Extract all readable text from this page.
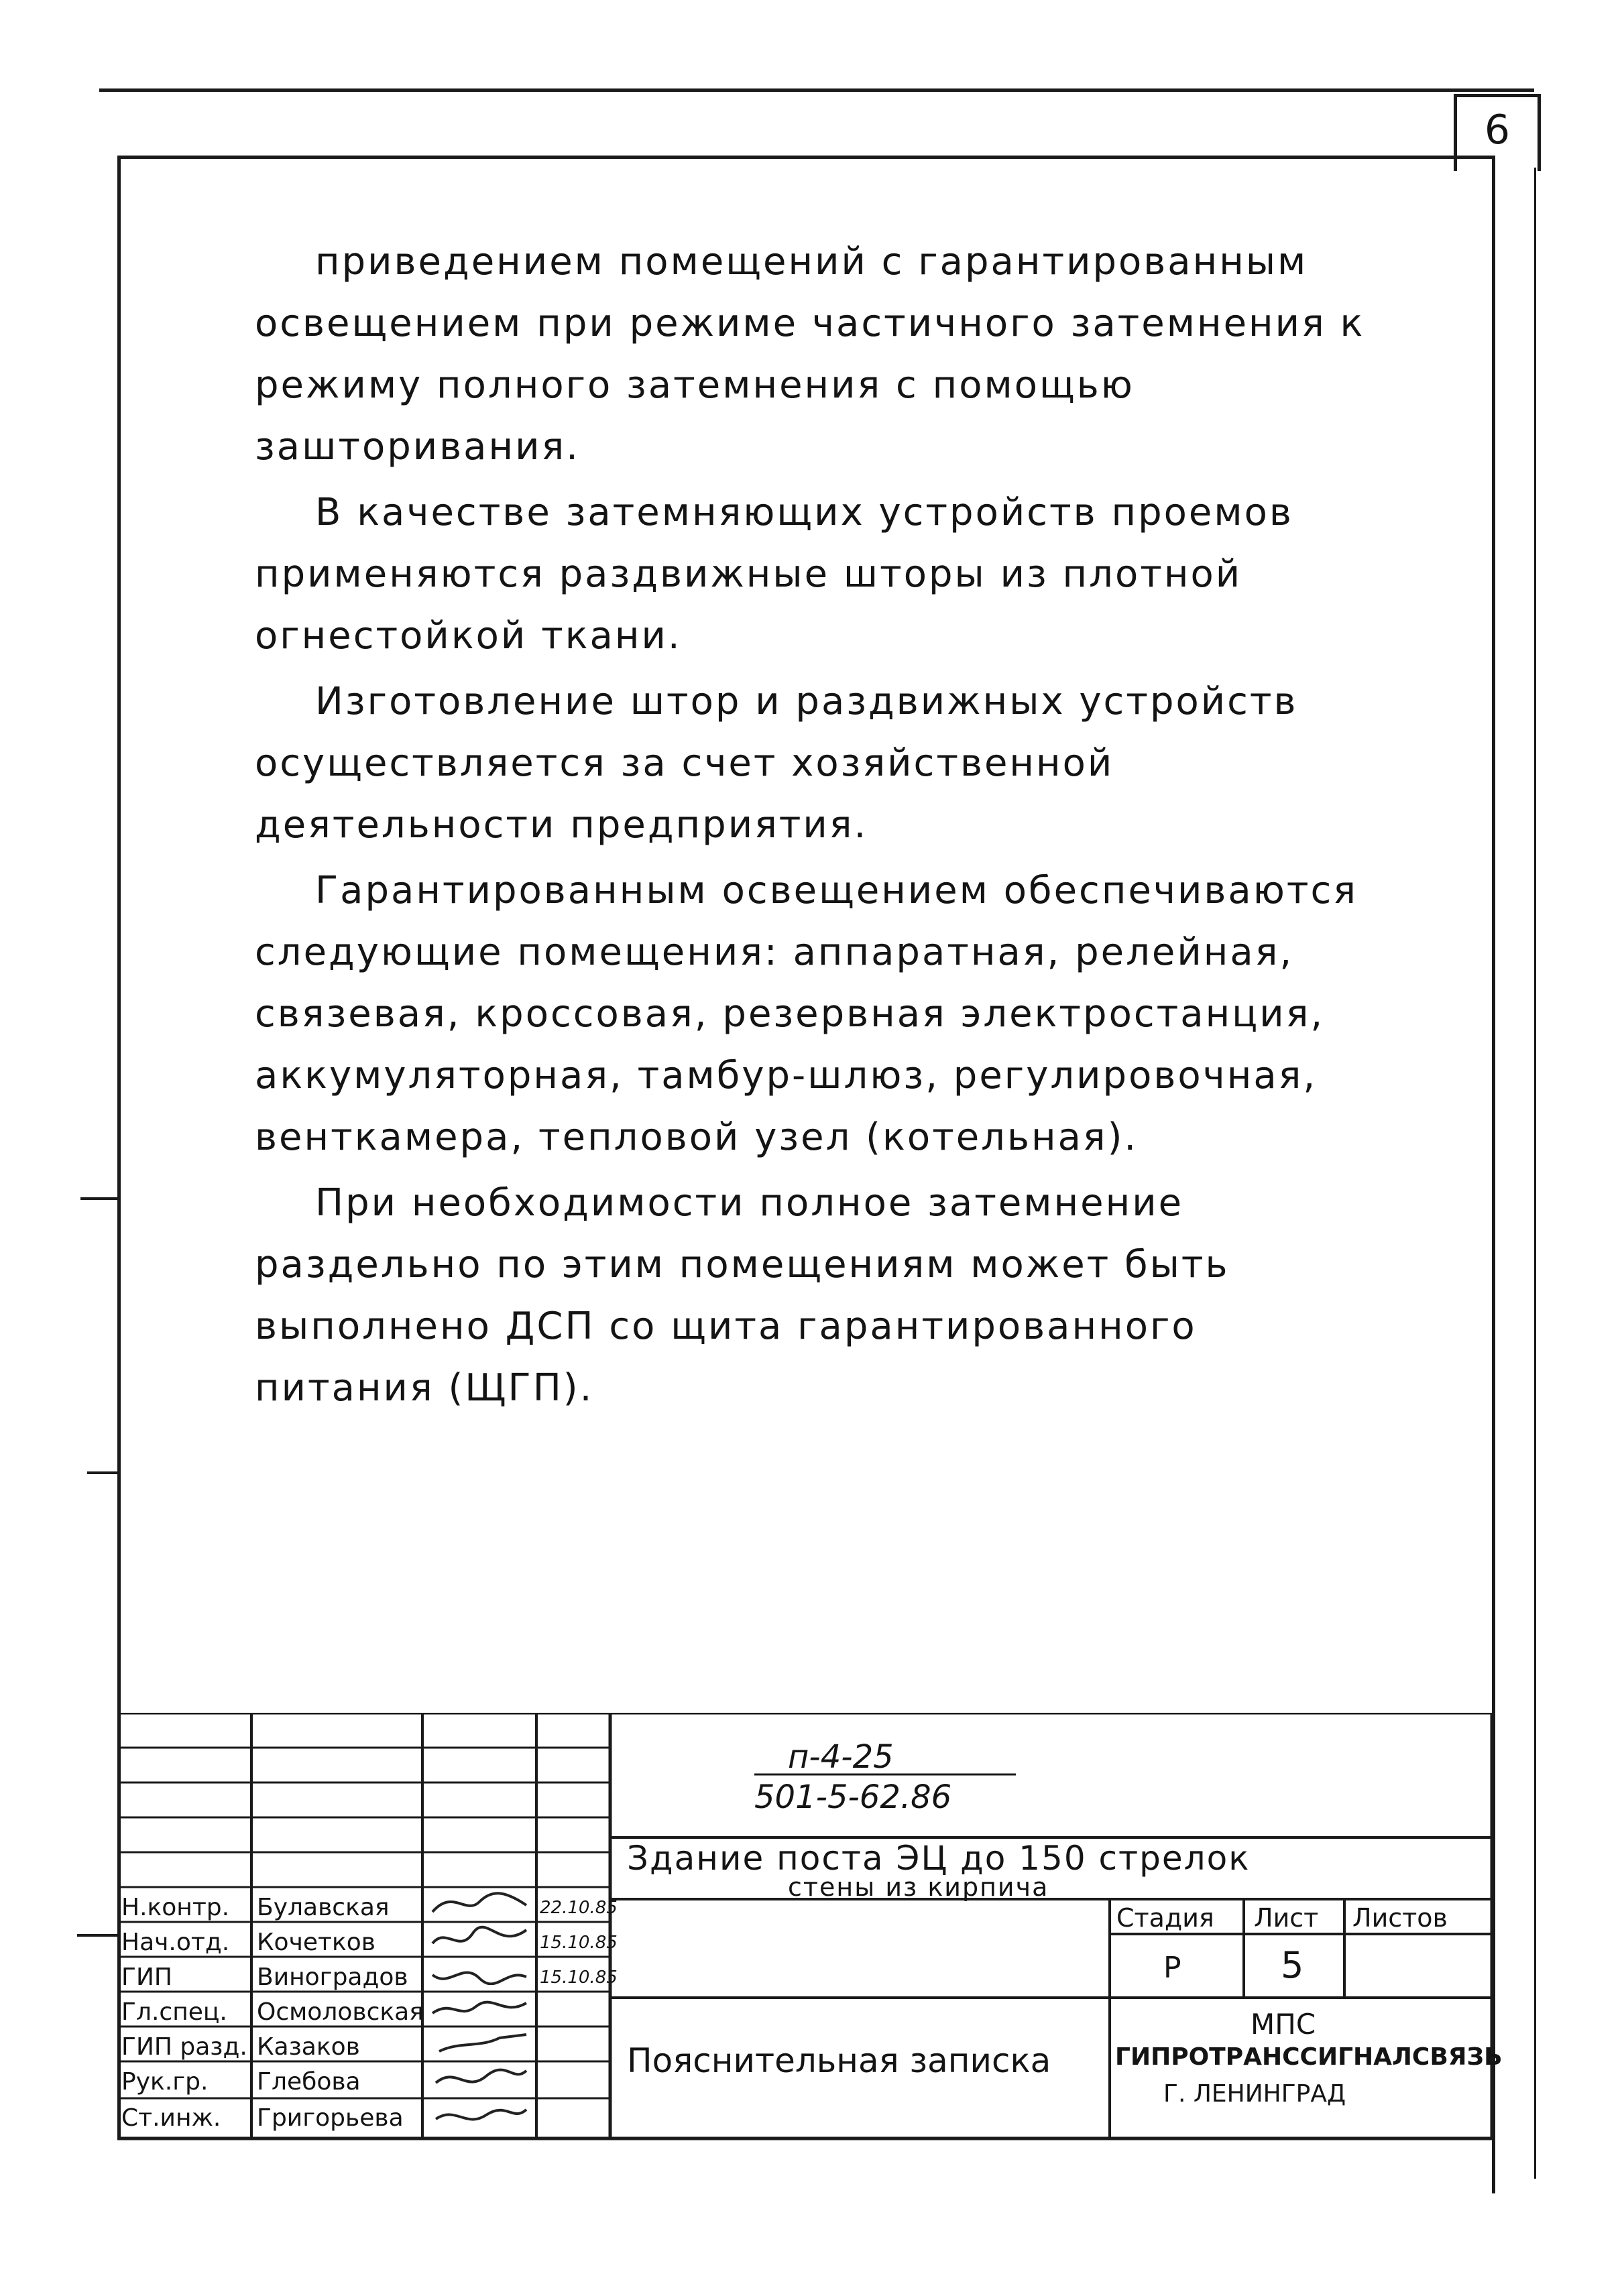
6

приведением помещений с гарантированным освещением при режиме частичного затемнения к режиму полного затемнения с помощью зашторивания.

В качестве затемняющих устройств проемов применяются раздвижные шторы из плотной огнестойкой ткани.

Изготовление штор и раздвижных устройств осуществляется за счет хозяйственной деятельности предприятия.

Гарантированным освещением обеспечиваются следующие помещения: аппаратная, релейная, связевая, кроссовая, резервная электростанция, аккумуляторная, тамбур-шлюз, регулировочная, венткамера, тепловой узел (котельная).

При необходимости полное затемнение раздельно по этим помещениям может быть выполнено ДСП со щита гарантированного питания (ЩГП).

п-4-25
501-5-62.86
Здание поста ЭЦ до 150 стрелок
стены из кирпича
Пояснительная записка
Стадия Лист Листов
Р	5
МПС
ГИПРОТРАНССИГНАЛСВЯЗЬ
Г. ЛЕНИНГРАД
Н.контр. Булавская	22.10.85
Нач.отд. Кочетков	15.10.85
ГИП	Виноградов	15.10.85
Гл.спец. Осмоловская
ГИП разд. Казаков
Рук.гр. Глебова
Ст.инж. Григорьева
